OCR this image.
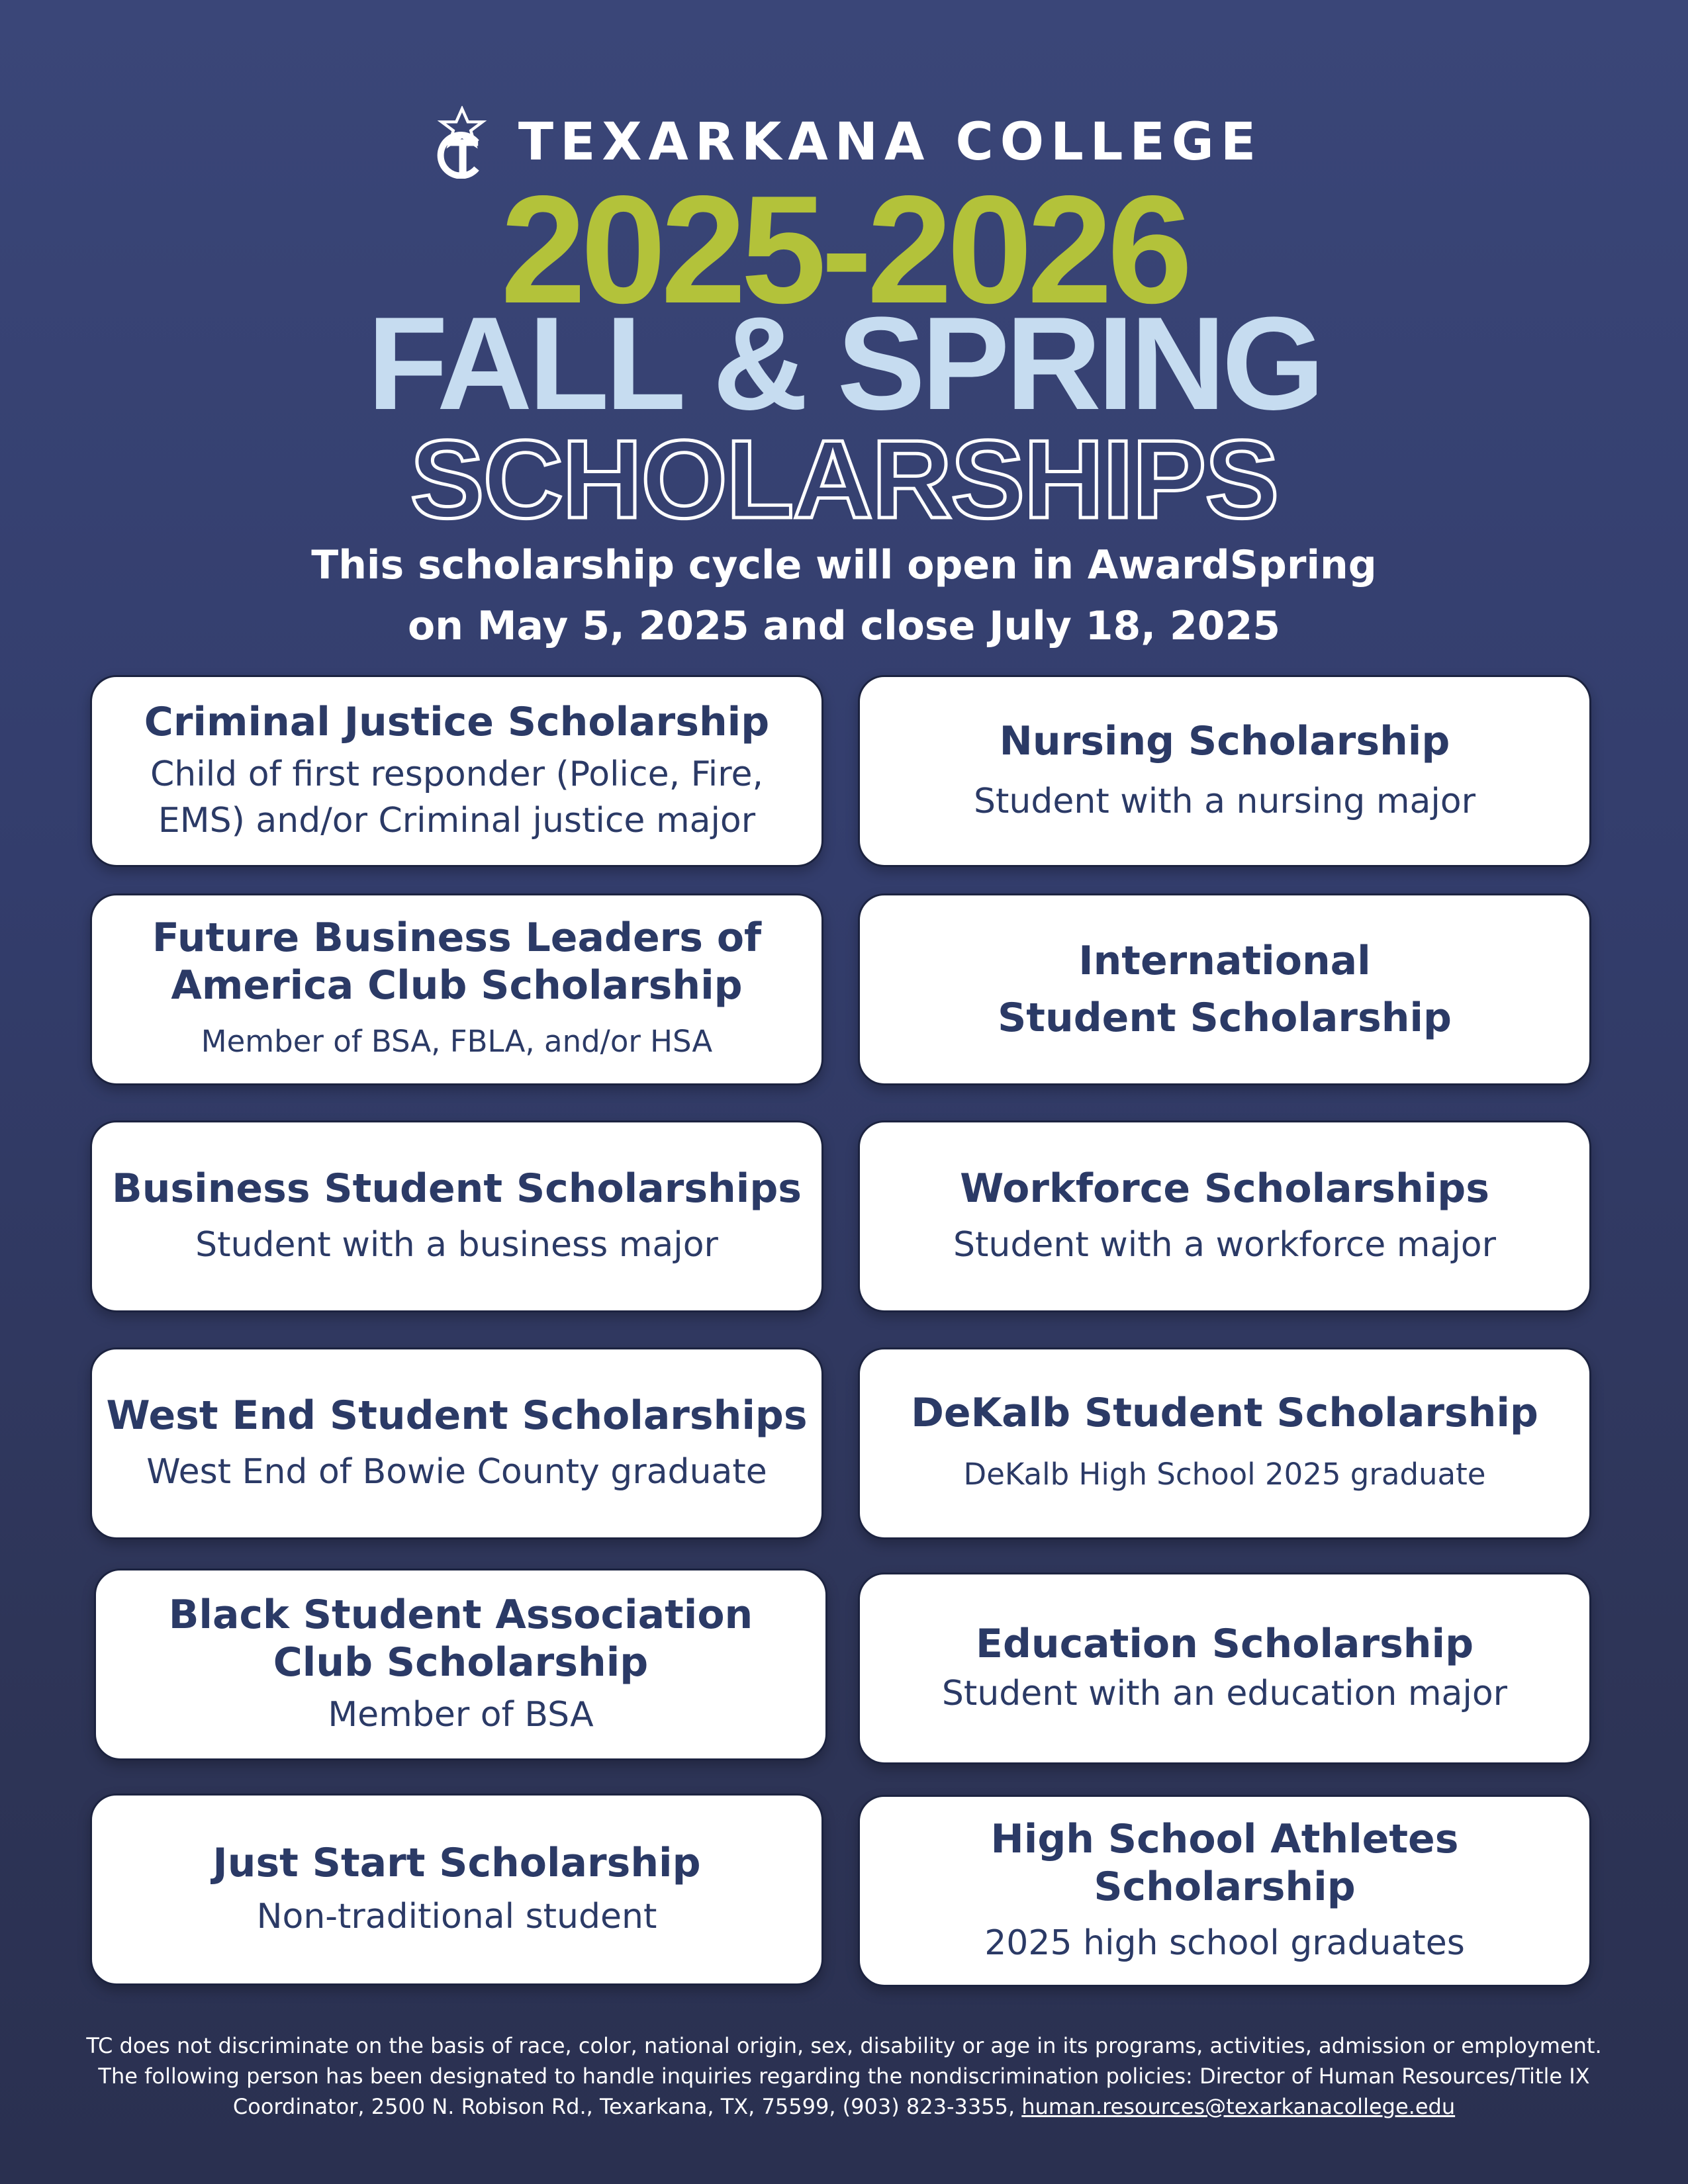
TEXARKANA COLLEGE
2025-2026
FALL & SPRING
SCHOLARSHIPS
This scholarship cycle will open in AwardSpring
on May 5, 2025 and close July 18, 2025
Criminal Justice Scholarship
Child of first responder (Police, Fire,
EMS) and/or Criminal justice major
Nursing Scholarship
Student with a nursing major
Future Business Leaders of
America Club Scholarship
Member of BSA, FBLA, and/or HSA
International
Student Scholarship
Business Student Scholarships
Student with a business major
Workforce Scholarships
Student with a workforce major
West End Student Scholarships
West End of Bowie County graduate
DeKalb Student Scholarship
DeKalb High School 2025 graduate
Black Student Association
Club Scholarship
Member of BSA
Education Scholarship
Student with an education major
Just Start Scholarship
Non-traditional student
High School Athletes
Scholarship
2025 high school graduates
TC does not discriminate on the basis of race, color, national origin, sex, disability or age in its programs, activities, admission or employment.
The following person has been designated to handle inquiries regarding the nondiscrimination policies: Director of Human Resources/Title IX
Coordinator, 2500 N. Robison Rd., Texarkana, TX, 75599, (903) 823-3355, human.resources@texarkanacollege.edu
